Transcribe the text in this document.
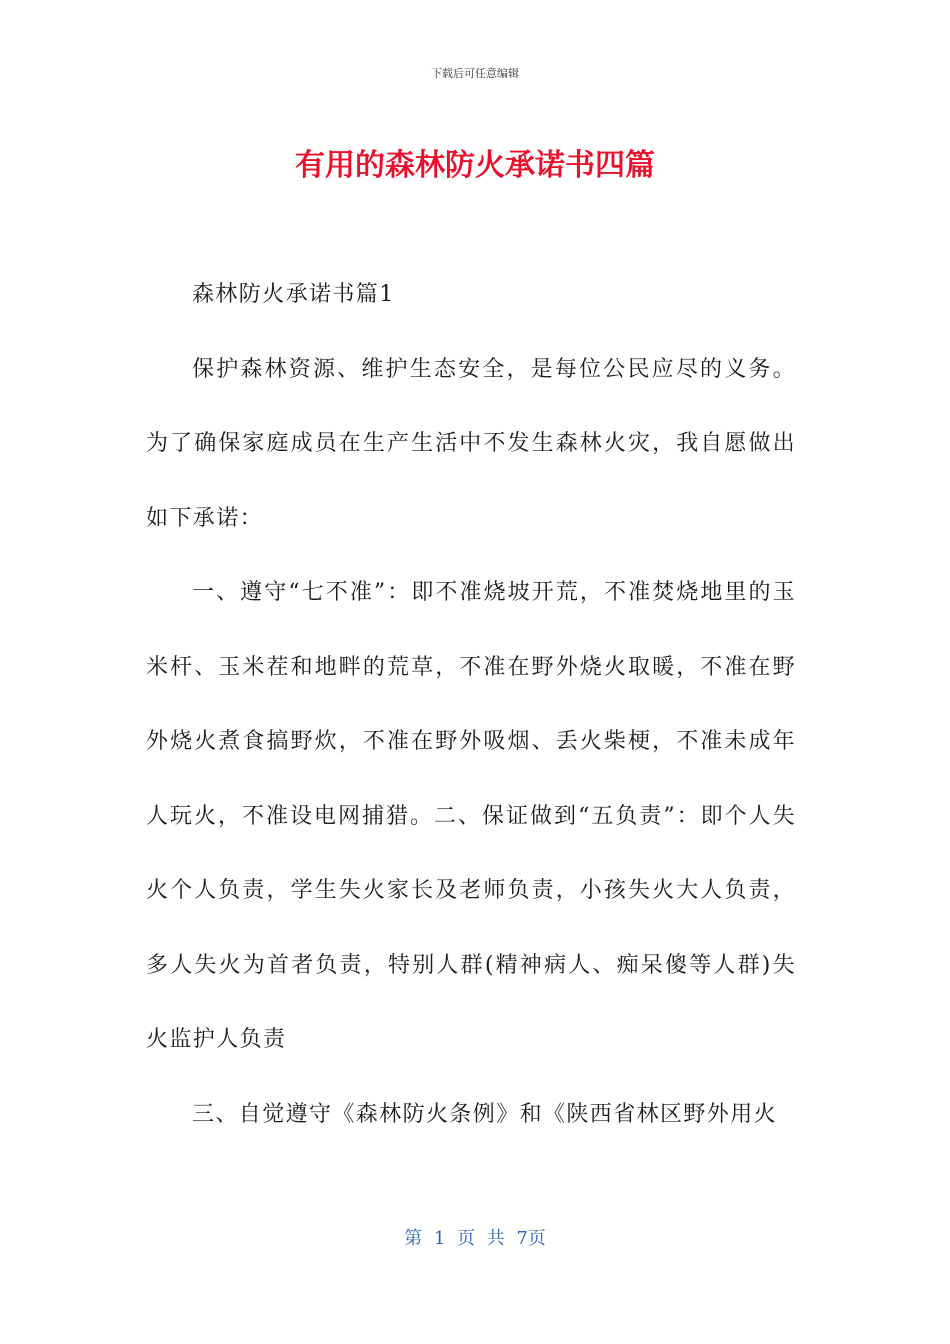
下载后可任意编辑
有用的森林防火承诺书四篇

森林防火承诺书篇1

保护森林资源、维护生态安全，是每位公民应尽的义务。为了确保家庭成员在生产生活中不发生森林火灾，我自愿做出如下承诺：

一、遵守“七不准”：即不准烧坡开荒，不准焚烧地里的玉米杆、玉米茬和地畔的荒草，不准在野外烧火取暖，不准在野外烧火煮食搞野炊，不准在野外吸烟、丢火柴梗，不准未成年人玩火，不准设电网捕猎。二、保证做到“五负责”：即个人失火个人负责，学生失火家长及老师负责，小孩失火大人负责，多人失火为首者负责，特别人群(精神病人、痴呆傻等人群)失火监护人负责

三、自觉遵守《森林防火条例》和《陕西省林区野外用火

第 1 页 共 7页
